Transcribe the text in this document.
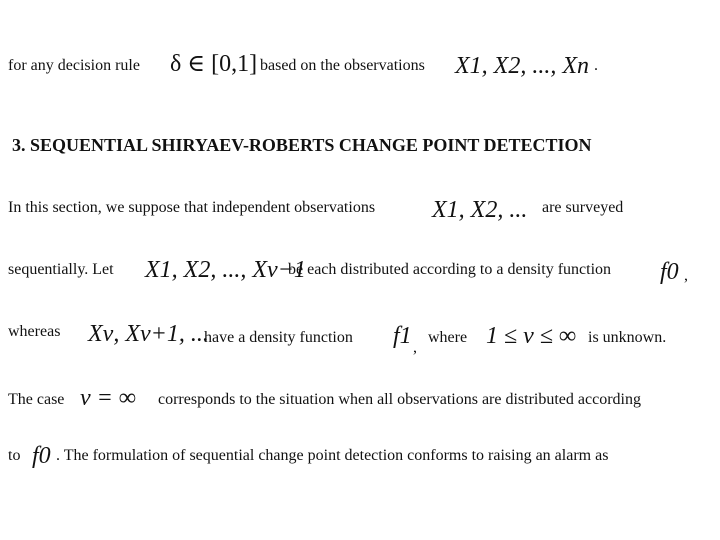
for any decision rule δ ∈ [0,1] based on the observations X1, X2, ..., Xn .
3. SEQUENTIAL SHIRYAEV-ROBERTS CHANGE POINT DETECTION
In this section, we suppose that independent observations X1, X2, ... are surveyed
sequentially. Let X1, X2, ..., Xν−1
be each distributed according to a density function f0 ,
whereas Xν, Xν+1, ...
have a density function f1 ,
where 1 ≤ ν ≤ ∞ is unknown.
The case ν = ∞ corresponds to the situation when all observations are distributed according
to f0 . The formulation of sequential change point detection conforms to raising an alarm as
